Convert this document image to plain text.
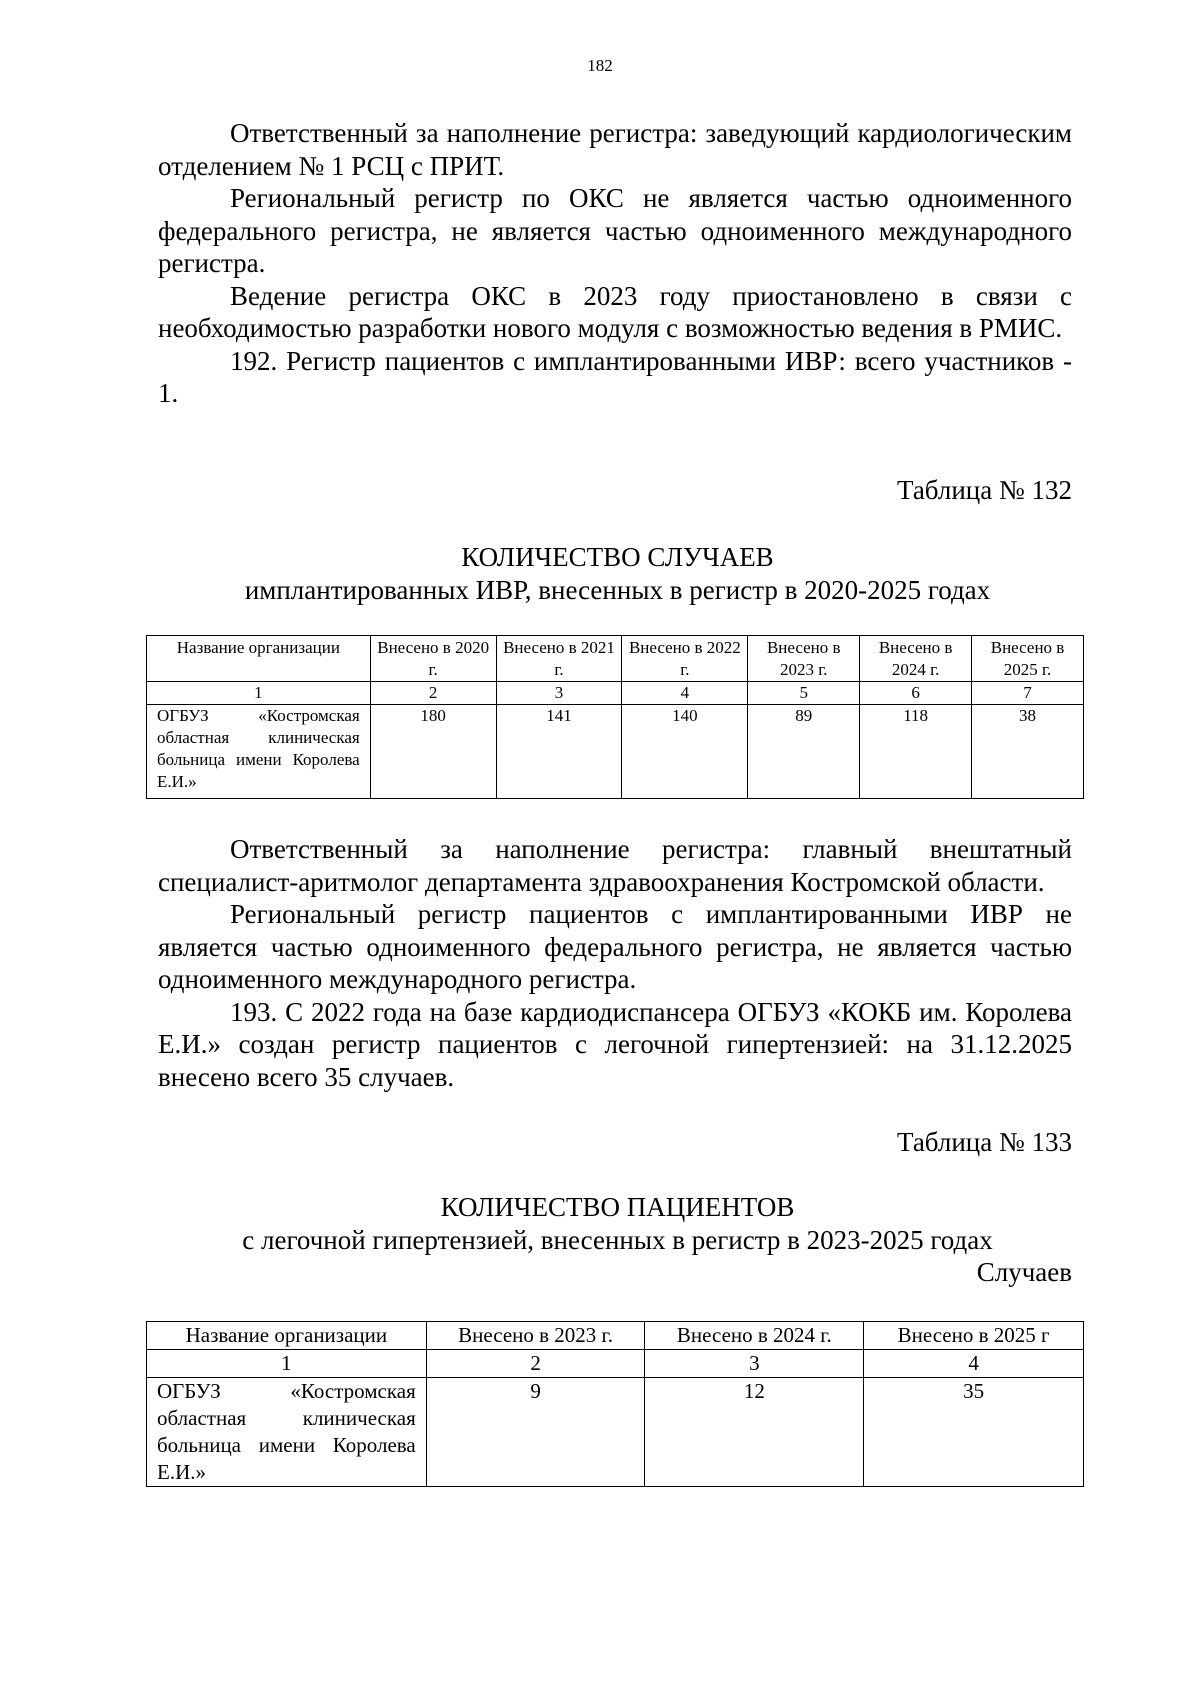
182

Ответственный за наполнение регистра: заведующий кардиологическим отделением № 1 РСЦ с ПРИТ.

Региональный регистр по ОКС не является частью одноименного федерального регистра, не является частью одноименного международного регистра.

Ведение регистра ОКС в 2023 году приостановлено в связи с необходимостью разработки нового модуля с возможностью ведения в РМИС.

192. Регистр пациентов с имплантированными ИВР: всего участников - 1.

Таблица № 132
КОЛИЧЕСТВО СЛУЧАЕВ
имплантированных ИВР, внесенных в регистр в 2020-2025 годах
Название организации	Внесено в 2020 г.	Внесено в 2021 г.	Внесено в 2022 г.	Внесено в 2023 г.	Внесено в 2024 г.	Внесено в 2025 г.
1	2	3	4	5	6	7
ОГБУЗ «Костромская областная клиническая больница имени Королева Е.И.»	180	141	140	89	118	38

Ответственный за наполнение регистра: главный внештатный специалист-аритмолог департамента здравоохранения Костромской области.

Региональный регистр пациентов с имплантированными ИВР не является частью одноименного федерального регистра, не является частью одноименного международного регистра.

193. С 2022 года на базе кардиодиспансера ОГБУЗ «КОКБ им. Королева Е.И.» создан регистр пациентов с легочной гипертензией: на 31.12.2025 внесено всего 35 случаев.

Таблица № 133
КОЛИЧЕСТВО ПАЦИЕНТОВ
с легочной гипертензией, внесенных в регистр в 2023-2025 годах
Случаев
Название организации	Внесено в 2023 г.	Внесено в 2024 г.	Внесено в 2025 г
1	2	3	4
ОГБУЗ «Костромская областная клиническая больница имени Королева Е.И.»	9	12	35
